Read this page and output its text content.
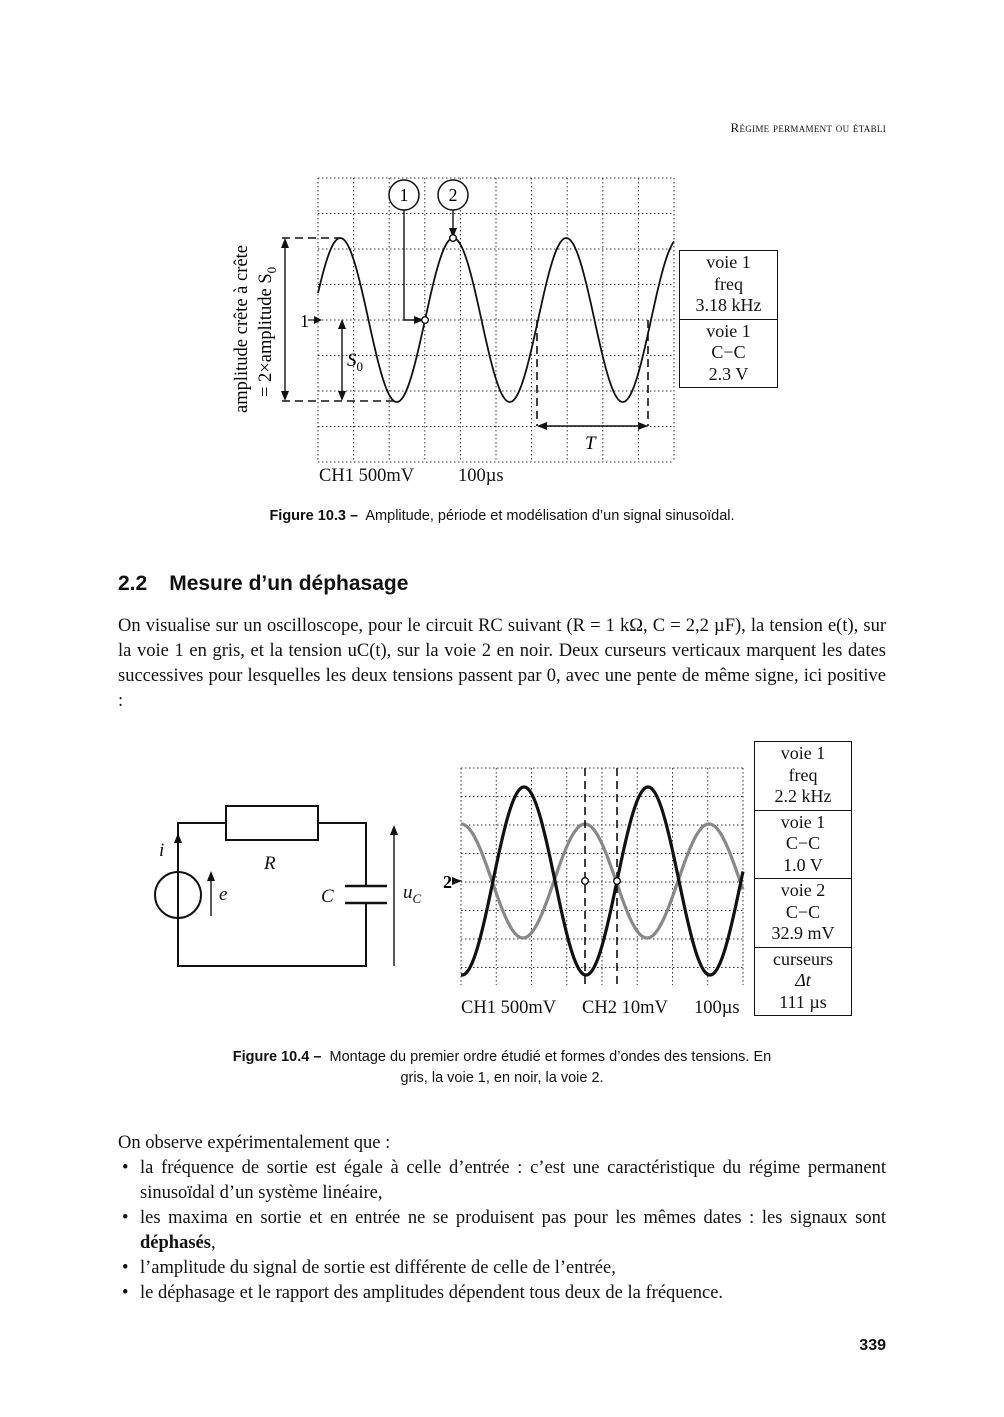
Régime permament ou établi
$S_0$
1
T
1 2
amplitude crête à crête = 2×amplitude $S_0$
CH1 500mV 100µs
voie 1
freq
3.18 kHz
voie 1
C−C
2.3 V
Figure 10.3 – Amplitude, période et modélisation d’un signal sinusoïdal.
2.2 Mesure d’un déphasage
On visualise sur un oscilloscope, pour le circuit RC suivant (R = 1 kΩ, C = 2,2 µF), la tension e(t), sur la voie 1 en gris, et la tension uC(t), sur la voie 2 en noir. Deux curseurs verticaux marquent les dates successives pour lesquelles les deux tensions passent par 0, avec une pente de même signe, ici positive :
i
e
R
C	$u_C$
2
CH1 500mV CH2 10mV 100µs
voie 1
freq
2.2 kHz
voie 1
C−C
1.0 V
voie 2
C−C
32.9 mV
curseurs
Δt
111 µs
Figure 10.4 – Montage du premier ordre étudié et formes d’ondes des tensions. En
gris, la voie 1, en noir, la voie 2.
On observe expérimentalement que :
• la fréquence de sortie est égale à celle d’entrée : c’est une caractéristique du régime permanent sinusoïdal d’un système linéaire,
• les maxima en sortie et en entrée ne se produisent pas pour les mêmes dates : les signaux sont déphasés,
• l’amplitude du signal de sortie est différente de celle de l’entrée,
• le déphasage et le rapport des amplitudes dépendent tous deux de la fréquence.
339
